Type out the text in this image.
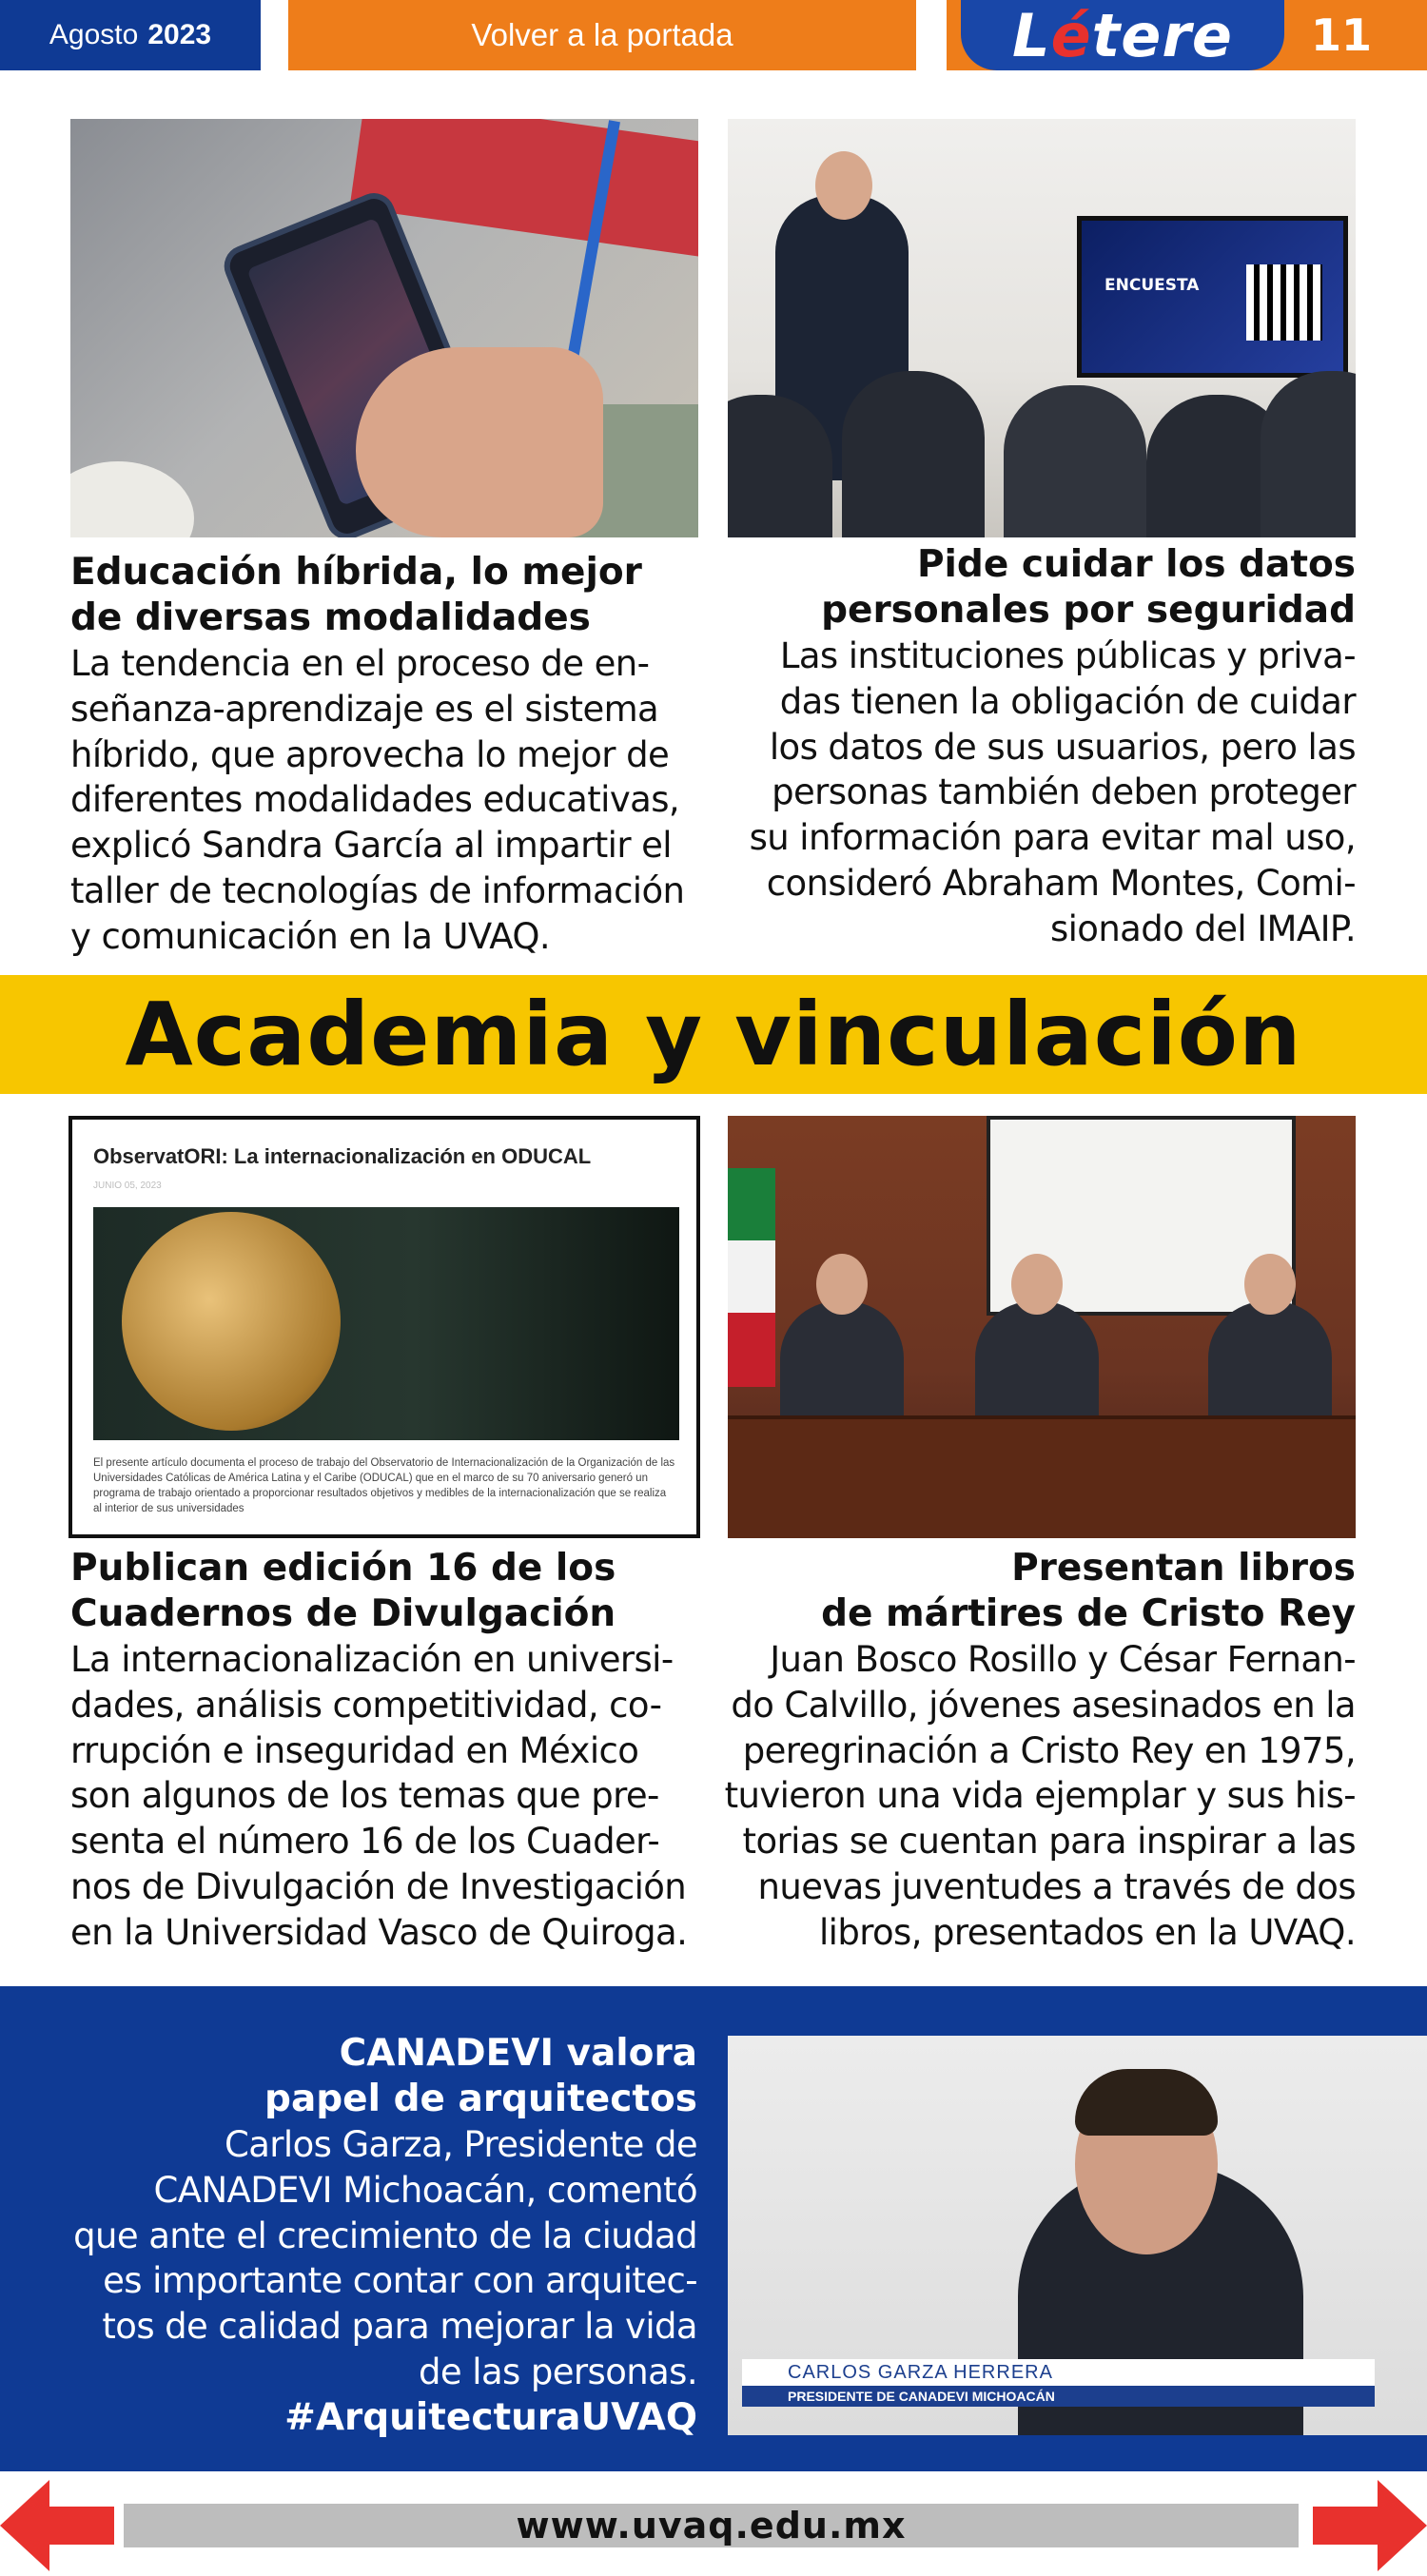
Agosto 2023	Volver a la portada	L é tere	11
ENCUESTA

Educación híbrida, lo mejor
de diversas modalidades

La tendencia en el proceso de en-
señanza-aprendizaje es el sistema
híbrido, que aprovecha lo mejor de
diferentes modalidades educativas,
explicó Sandra García al impartir el
taller de tecnologías de información
y comunicación en la UVAQ.

Pide cuidar los datos
personales por seguridad

Las instituciones públicas y priva-
das tienen la obligación de cuidar
los datos de sus usuarios, pero las
personas también deben proteger
su información para evitar mal uso,
consideró Abraham Montes, Comi-
sionado del IMAIP.

Academia y vinculación
ObservatORI: La internacionalización en ODUCAL
JUNIO 05, 2023
El presente artículo documenta el proceso de trabajo del Observatorio de Internacionalización de la Organización de las Universidades Católicas de América Latina y el Caribe (ODUCAL) que en el marco de su 70 aniversario generó un programa de trabajo orientado a proporcionar resultados objetivos y medibles de la internacionalización que se realiza al interior de sus universidades

Publican edición 16 de los
Cuadernos de Divulgación

La internacionalización en universi-
dades, análisis competitividad, co-
rrupción e inseguridad en México
son algunos de los temas que pre-
senta el número 16 de los Cuader-
nos de Divulgación de Investigación
en la Universidad Vasco de Quiroga.

Presentan libros
de mártires de Cristo Rey

Juan Bosco Rosillo y César Fernan-
do Calvillo, jóvenes asesinados en la
peregrinación a Cristo Rey en 1975,
tuvieron una vida ejemplar y sus his-
torias se cuentan para inspirar a las
nuevas juventudes a través de dos
libros, presentados en la UVAQ.

CANADEVI valora
papel de arquitectos

Carlos Garza, Presidente de
CANADEVI Michoacán, comentó
que ante el crecimiento de la ciudad
es importante contar con arquitec-
tos de calidad para mejorar la vida
de las personas.

#ArquitecturaUVAQ

CARLOS GARZA HERRERA
PRESIDENTE DE CANADEVI MICHOACÁN
www.uvaq.edu.mx
